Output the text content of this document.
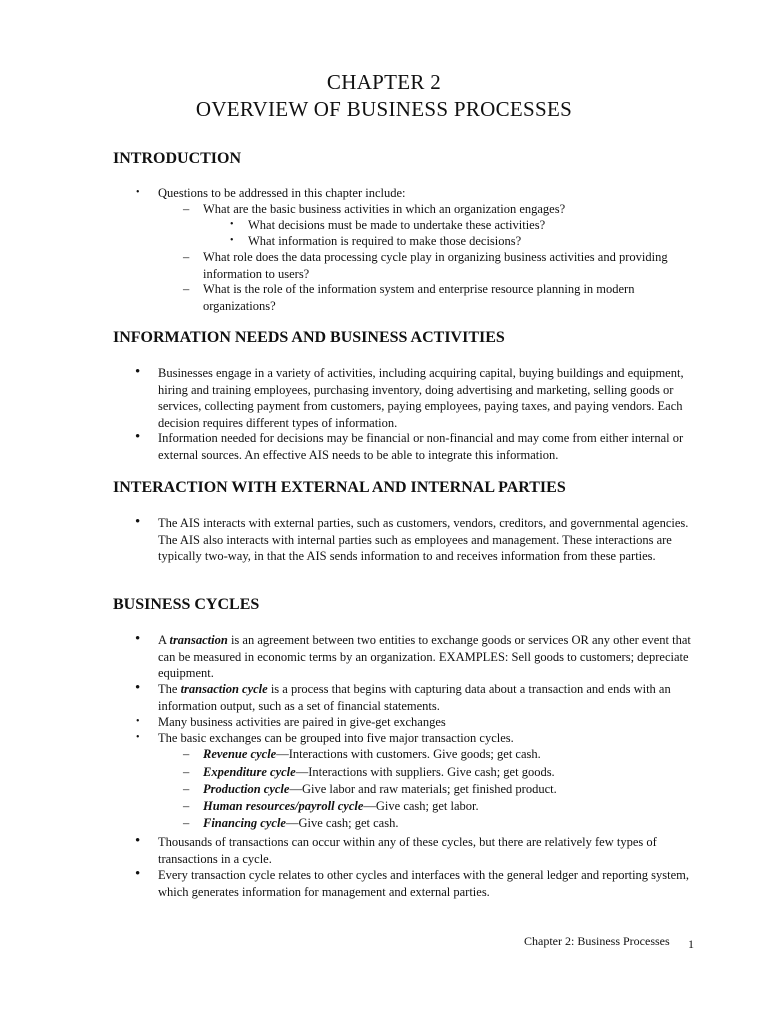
CHAPTER 2
OVERVIEW OF BUSINESS PROCESSES
INTRODUCTION
• Questions to be addressed in this chapter include:
– What are the basic business activities in which an organization engages?
• What decisions must be made to undertake these activities?
• What information is required to make those decisions?
– What role does the data processing cycle play in organizing business activities and providing information to users?
– What is the role of the information system and enterprise resource planning in modern organizations?
INFORMATION NEEDS AND BUSINESS ACTIVITIES
• Businesses engage in a variety of activities, including acquiring capital, buying buildings and equipment, hiring and training employees, purchasing inventory, doing advertising and marketing, selling goods or services, collecting payment from customers, paying employees, paying taxes, and paying vendors. Each decision requires different types of information.
• Information needed for decisions may be financial or non-financial and may come from either internal or external sources. An effective AIS needs to be able to integrate this information.
INTERACTION WITH EXTERNAL AND INTERNAL PARTIES
• The AIS interacts with external parties, such as customers, vendors, creditors, and governmental agencies. The AIS also interacts with internal parties such as employees and management. These interactions are typically two-way, in that the AIS sends information to and receives information from these parties.
BUSINESS CYCLES
• A transaction is an agreement between two entities to exchange goods or services OR any other event that can be measured in economic terms by an organization. EXAMPLES: Sell goods to customers; depreciate equipment.
• The transaction cycle is a process that begins with capturing data about a transaction and ends with an information output, such as a set of financial statements.
• Many business activities are paired in give-get exchanges
• The basic exchanges can be grouped into five major transaction cycles.
– Revenue cycle—Interactions with customers. Give goods; get cash.
– Expenditure cycle—Interactions with suppliers. Give cash; get goods.
– Production cycle—Give labor and raw materials; get finished product.
– Human resources/payroll cycle—Give cash; get labor.
– Financing cycle—Give cash; get cash.
• Thousands of transactions can occur within any of these cycles, but there are relatively few types of transactions in a cycle.
• Every transaction cycle relates to other cycles and interfaces with the general ledger and reporting system, which generates information for management and external parties.
Chapter 2: Business Processes 1
